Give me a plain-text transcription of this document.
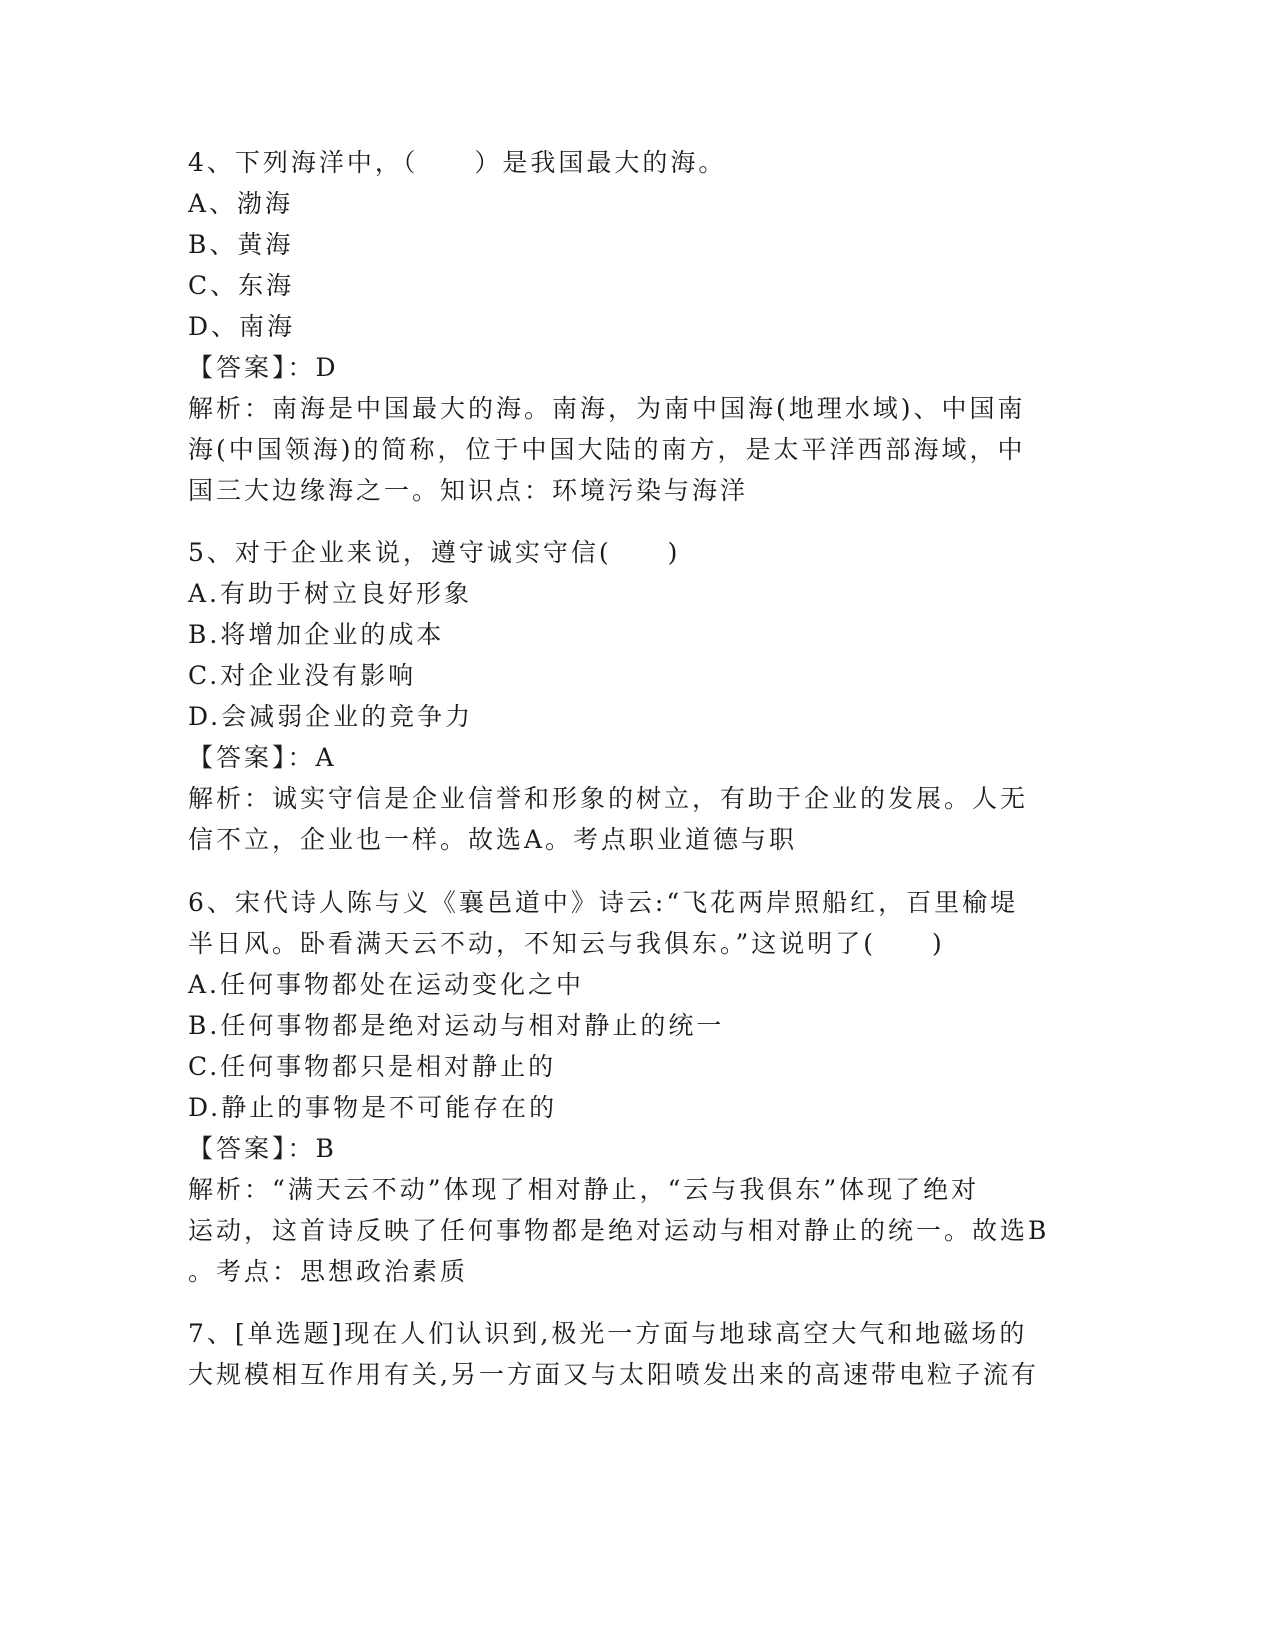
4、下列海洋中，（　　）是我国最大的海。
A、渤海
B、黄海
C、东海
D、南海
【答案】：D
解析：南海是中国最大的海。南海，为南中国海(地理水域)、中国南
海(中国领海)的简称，位于中国大陆的南方，是太平洋西部海域，中
国三大边缘海之一。知识点：环境污染与海洋
5、对于企业来说，遵守诚实守信(　　)
A.有助于树立良好形象
B.将增加企业的成本
C.对企业没有影响
D.会减弱企业的竞争力
【答案】：A
解析：诚实守信是企业信誉和形象的树立，有助于企业的发展。人无
信不立，企业也一样。故选A。考点职业道德与职
6、宋代诗人陈与义《襄邑道中》诗云:“飞花两岸照船红，百里榆堤
半日风。卧看满天云不动，不知云与我俱东。”这说明了(　　)
A.任何事物都处在运动变化之中
B.任何事物都是绝对运动与相对静止的统一
C.任何事物都只是相对静止的
D.静止的事物是不可能存在的
【答案】：B
解析：“满天云不动”体现了相对静止，“云与我俱东”体现了绝对
运动，这首诗反映了任何事物都是绝对运动与相对静止的统一。故选B
。考点：思想政治素质
7、[单选题]现在人们认识到,极光一方面与地球高空大气和地磁场的
大规模相互作用有关,另一方面又与太阳喷发出来的高速带电粒子流有
